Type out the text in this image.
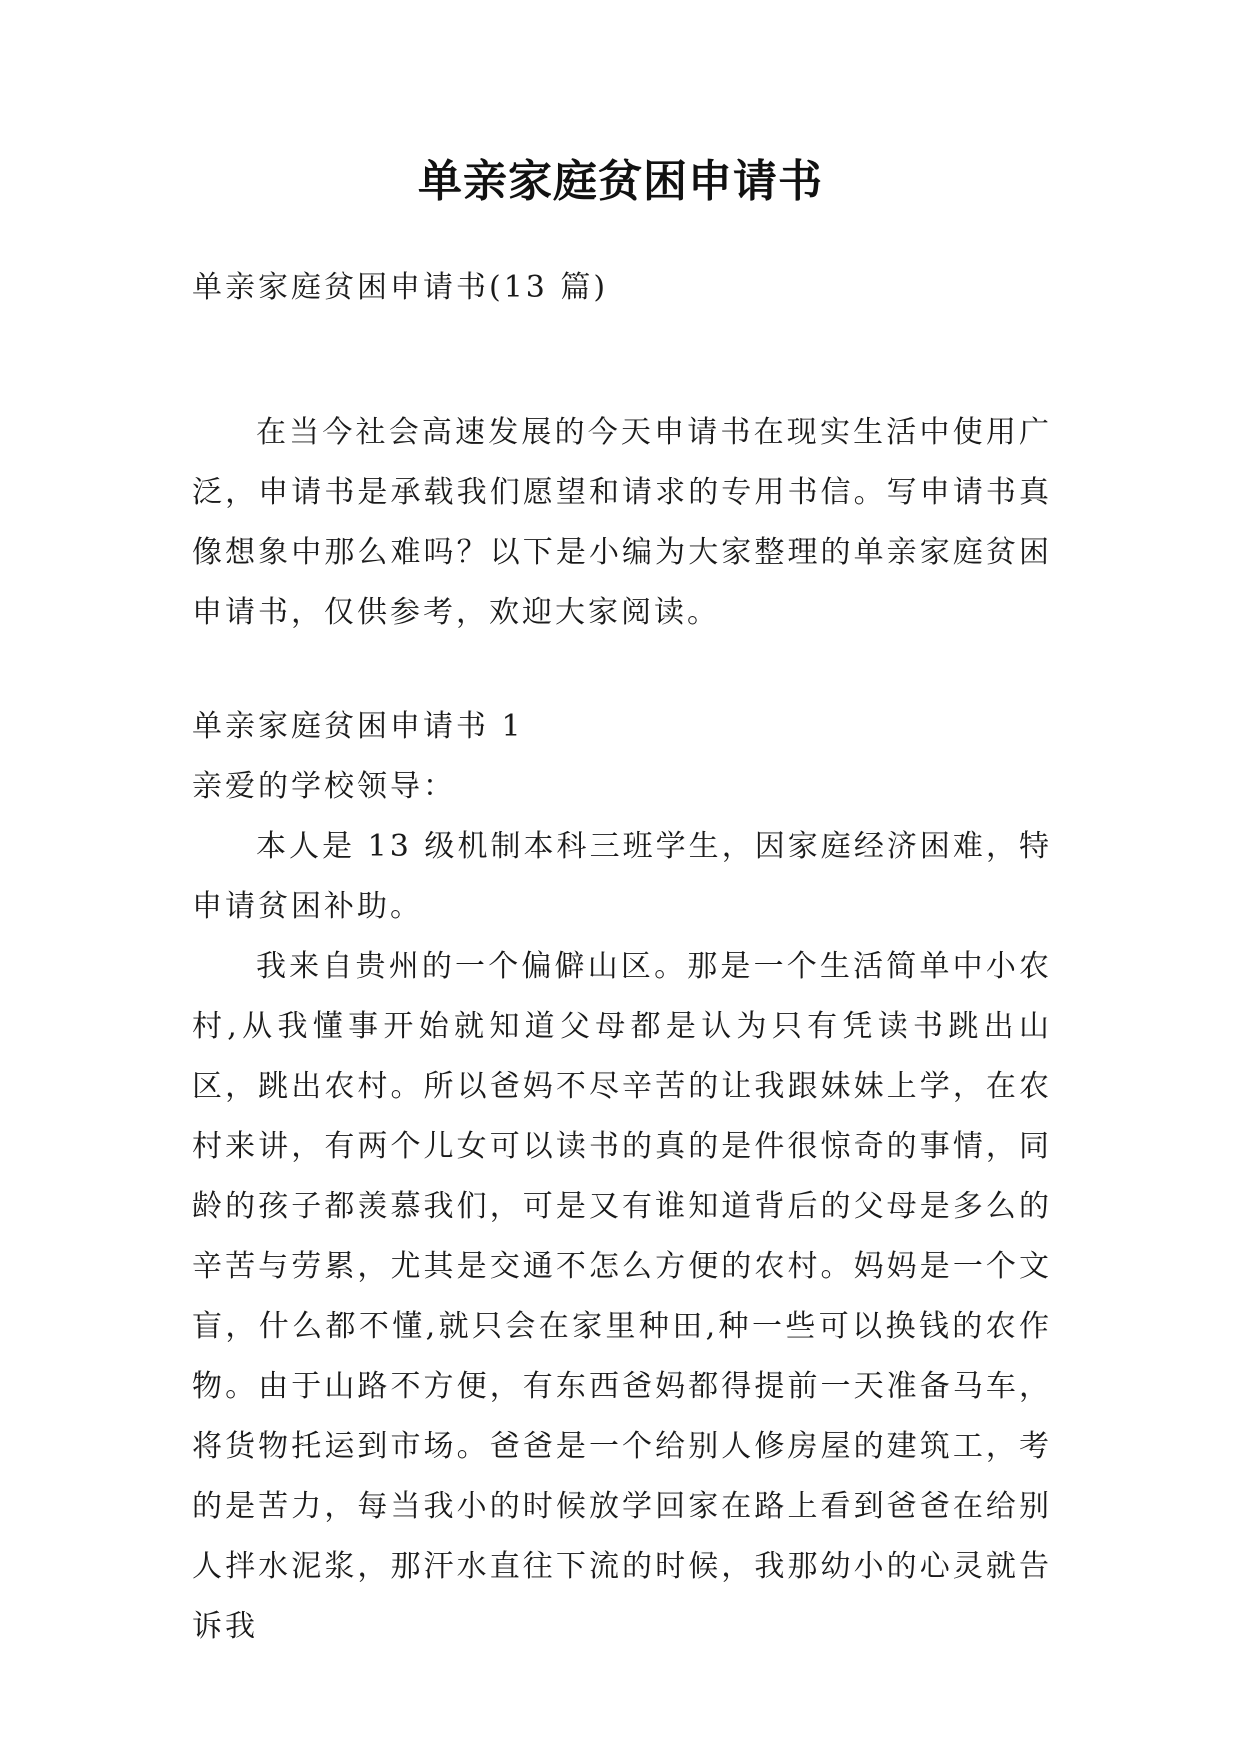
单亲家庭贫困申请书

单亲家庭贫困申请书(13 篇)

在当今社会高速发展的今天申请书在现实生活中使用广泛，申请书是承载我们愿望和请求的专用书信。写申请书真像想象中那么难吗？以下是小编为大家整理的单亲家庭贫困申请书，仅供参考，欢迎大家阅读。

单亲家庭贫困申请书 1

亲爱的学校领导：

本人是 13 级机制本科三班学生，因家庭经济困难，特申请贫困补助。

我来自贵州的一个偏僻山区。那是一个生活简单中小农村,从我懂事开始就知道父母都是认为只有凭读书跳出山区，跳出农村。所以爸妈不尽辛苦的让我跟妹妹上学，在农村来讲，有两个儿女可以读书的真的是件很惊奇的事情，同龄的孩子都羡慕我们，可是又有谁知道背后的父母是多么的辛苦与劳累，尤其是交通不怎么方便的农村。妈妈是一个文盲，什么都不懂,就只会在家里种田,种一些可以换钱的农作物。由于山路不方便，有东西爸妈都得提前一天准备马车，将货物托运到市场。爸爸是一个给别人修房屋的建筑工，考的是苦力，每当我小的时候放学回家在路上看到爸爸在给别人拌水泥浆，那汗水直往下流的时候，我那幼小的心灵就告诉我
